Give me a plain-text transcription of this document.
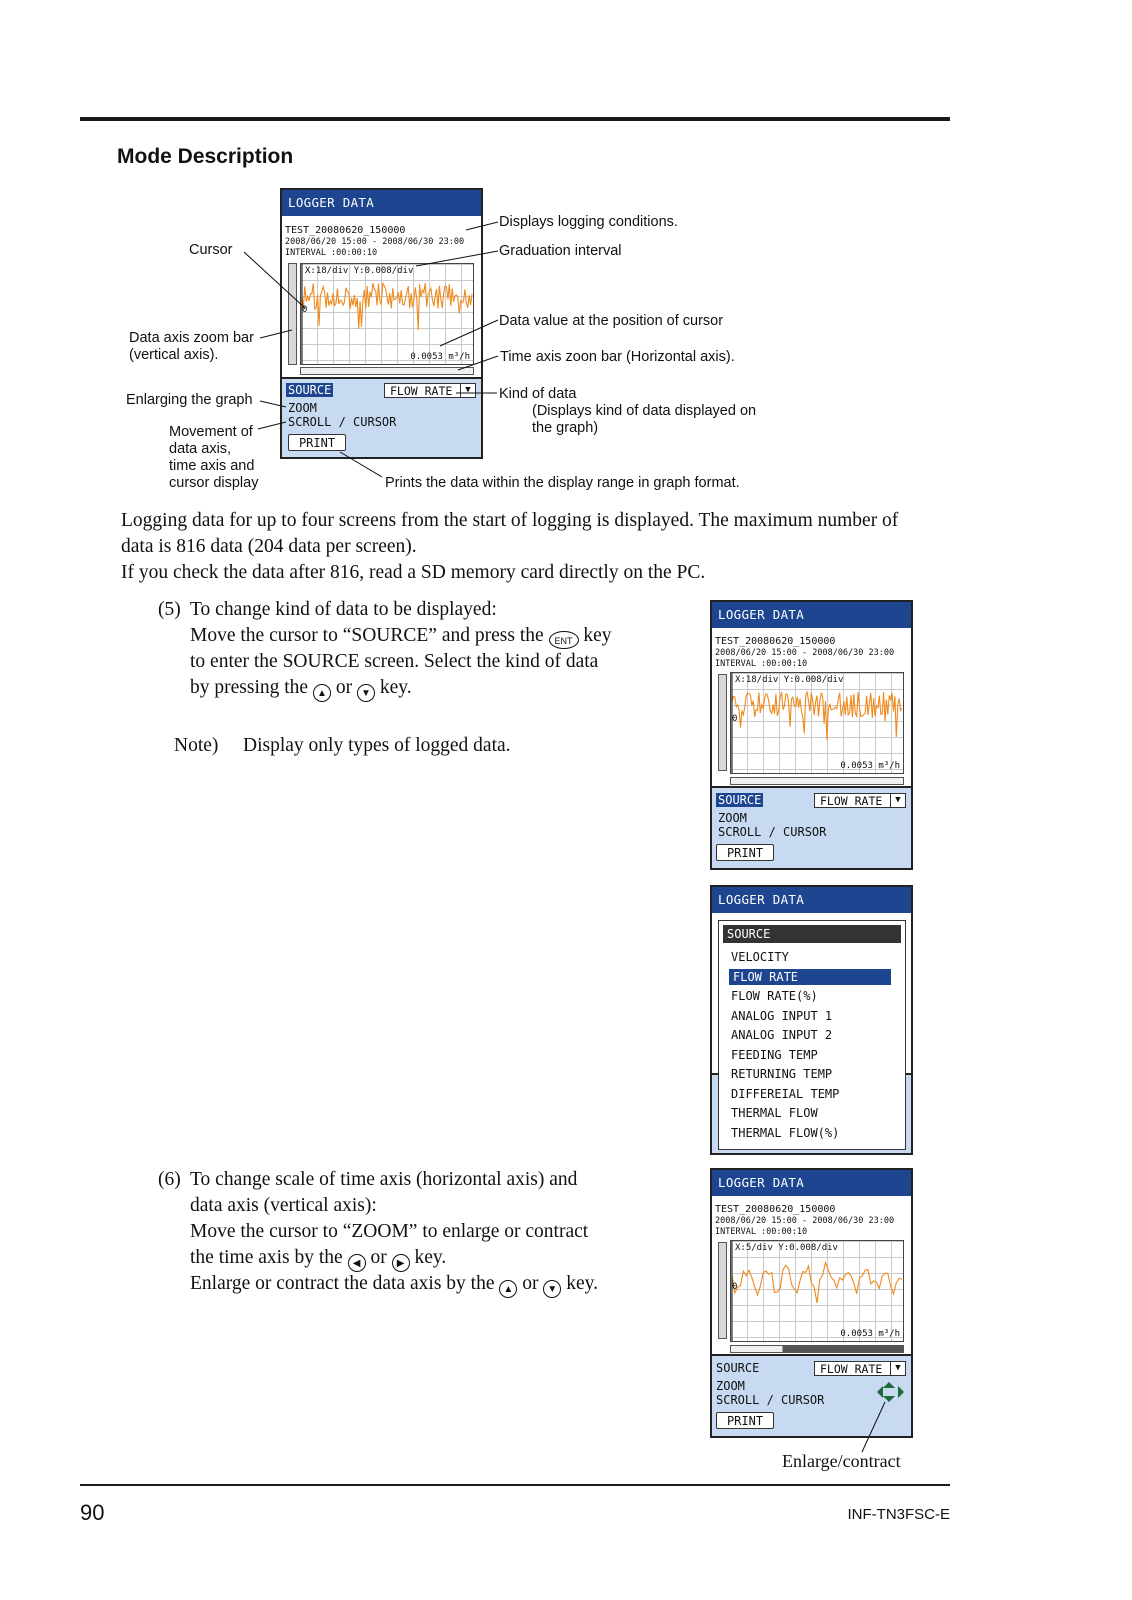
Mode Description
LOGGER DATA
TEST_20080620_150000
2008/06/20 15:00 - 2008/06/30 23:00
INTERVAL :00:00:10
X:18/div Y:0.008/div
0
0.0053 m³/h
SOURCE	FLOW RATE	▼
ZOOM
SCROLL / CURSOR
PRINT
Cursor
Data axis zoom bar
(vertical axis).
Enlarging the graph
Movement of
data axis,
time axis and
cursor display
Displays logging conditions.
Graduation interval
Data value at the position of cursor
Time axis zoon bar (Horizontal axis).
Kind of data
(Displays kind of data displayed on
the graph)
Prints the data within the display range in graph format.
Logging data for up to four screens from the start of logging is displayed. The maximum number of
data is 816 data (204 data per screen).
If you check the data after 816, read a SD memory card directly on the PC.
(5) To change kind of data to be displayed:
Move the cursor to “SOURCE” and press the ENT key
to enter the SOURCE screen. Select the kind of data
by pressing the ▲ or ▼ key.
Note) Display only types of logged data.
LOGGER DATA
TEST_20080620_150000
2008/06/20 15:00 - 2008/06/30 23:00
INTERVAL :00:00:10
X:18/div Y:0.008/div
0
0.0053 m³/h
SOURCE	FLOW RATE	▼
ZOOM
SCROLL / CURSOR
PRINT
LOGGER DATA
SOURCE
VELOCITY
FLOW RATE
FLOW RATE(%)
ANALOG INPUT 1
ANALOG INPUT 2
FEEDING TEMP
RETURNING TEMP
DIFFEREIAL TEMP
THERMAL FLOW
THERMAL FLOW(%)
(6) To change scale of time axis (horizontal axis) and
data axis (vertical axis):
Move the cursor to “ZOOM” to enlarge or contract
the time axis by the ◀ or ▶ key.
Enlarge or contract the data axis by the ▲ or ▼ key.
LOGGER DATA
TEST_20080620_150000
2008/06/20 15:00 - 2008/06/30 23:00
INTERVAL :00:00:10
X:5/div Y:0.008/div
0
0.0053 m³/h
SOURCE	FLOW RATE	▼
ZOOM
SCROLL / CURSOR
PRINT
Enlarge/contract
90	INF-TN3FSC-E
